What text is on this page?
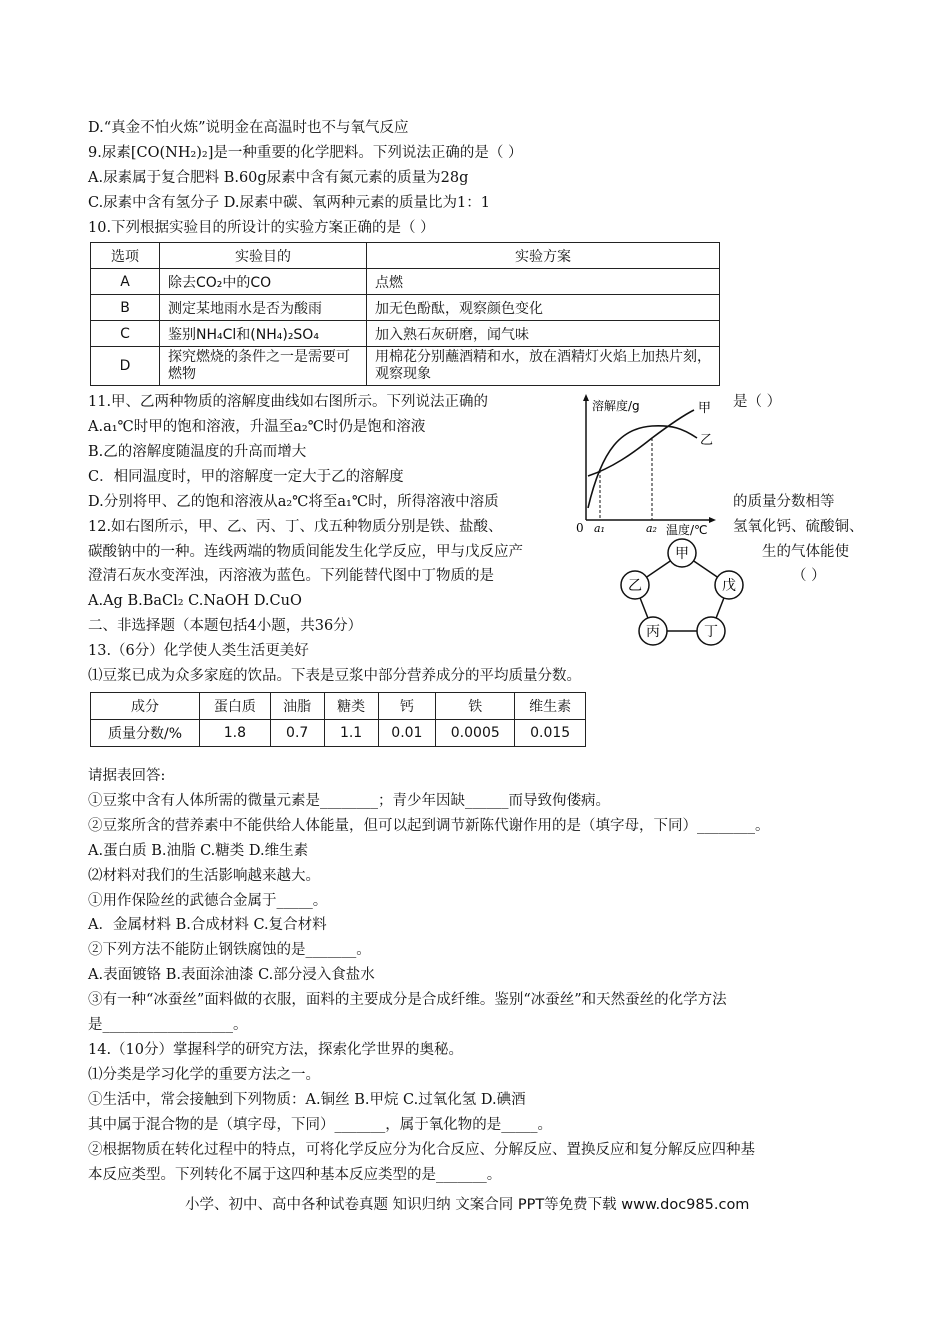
D.“真金不怕火炼”说明金在高温时也不与氧气反应
9.尿素[CO(NH₂)₂]是一种重要的化学肥料。下列说法正确的是（ ）
A.尿素属于复合肥料 B.60g尿素中含有氮元素的质量为28g
C.尿素中含有氢分子 D.尿素中碳、氧两种元素的质量比为1：1
10.下列根据实验目的所设计的实验方案正确的是（ ）
选项	实验目的	实验方案
A	除去CO₂中的CO	点燃
B	测定某地雨水是否为酸雨	加无色酚酞，观察颜色变化
C	鉴别NH₄Cl和(NH₄)₂SO₄	加入熟石灰研磨，闻气味
D	探究燃烧的条件之一是需要可燃物	用棉花分别蘸酒精和水，放在酒精灯火焰上加热片刻，观察现象
11.甲、乙两种物质的溶解度曲线如右图所示。下列说法正确的	是（ ）
A.a₁℃时甲的饱和溶液，升温至a₂℃时仍是饱和溶液
B.乙的溶解度随温度的升高而增大
C．相同温度时，甲的溶解度一定大于乙的溶解度
D.分别将甲、乙的饱和溶液从a₂℃将至a₁℃时，所得溶液中溶质	的质量分数相等
12.如右图所示，甲、乙、丙、丁、戊五种物质分别是铁、盐酸、	氢氧化钙、硫酸铜、
碳酸钠中的一种。连线两端的物质间能发生化学反应，甲与戊反应产	生的气体能使
澄清石灰水变浑浊，丙溶液为蓝色。下列能替代图中丁物质的是	（ ）
A.Ag B.BaCl₂ C.NaOH D.CuO
二、非选择题（本题包括4小题，共36分）
13.（6分）化学使人类生活更美好
⑴豆浆已成为众多家庭的饮品。下表是豆浆中部分营养成分的平均质量分数。
成分	蛋白质	油脂	糖类	钙	铁	维生素
质量分数/%	1.8	0.7	1.1	0.01	0.0005	0.015
请据表回答:
①豆浆中含有人体所需的微量元素是________；青少年因缺______而导致佝偻病。
②豆浆所含的营养素中不能供给人体能量，但可以起到调节新陈代谢作用的是（填字母，下同）________。
A.蛋白质 B.油脂 C.糖类 D.维生素
⑵材料对我们的生活影响越来越大。
①用作保险丝的武德合金属于_____。
A．金属材料 B.合成材料 C.复合材料
②下列方法不能防止钢铁腐蚀的是_______。
A.表面镀铬 B.表面涂油漆 C.部分浸入食盐水
③有一种“冰蚕丝”面料做的衣服，面料的主要成分是合成纤维。鉴别“冰蚕丝”和天然蚕丝的化学方法
是__________________。
14.（10分）掌握科学的研究方法，探索化学世界的奥秘。
⑴分类是学习化学的重要方法之一。
①生活中，常会接触到下列物质：A.铜丝 B.甲烷 C.过氧化氢 D.碘酒
其中属于混合物的是（填字母，下同）_______，属于氧化物的是_____。
②根据物质在转化过程中的特点，可将化学反应分为化合反应、分解反应、置换反应和复分解反应四种基
本反应类型。下列转化不属于这四种基本反应类型的是_______。
溶解度/g	甲
乙
0 a₁	a₂ 温度/℃
甲
戊
丁
丙
乙
小学、初中、高中各种试卷真题 知识归纳 文案合同 PPT等免费下载 www.doc985.com
